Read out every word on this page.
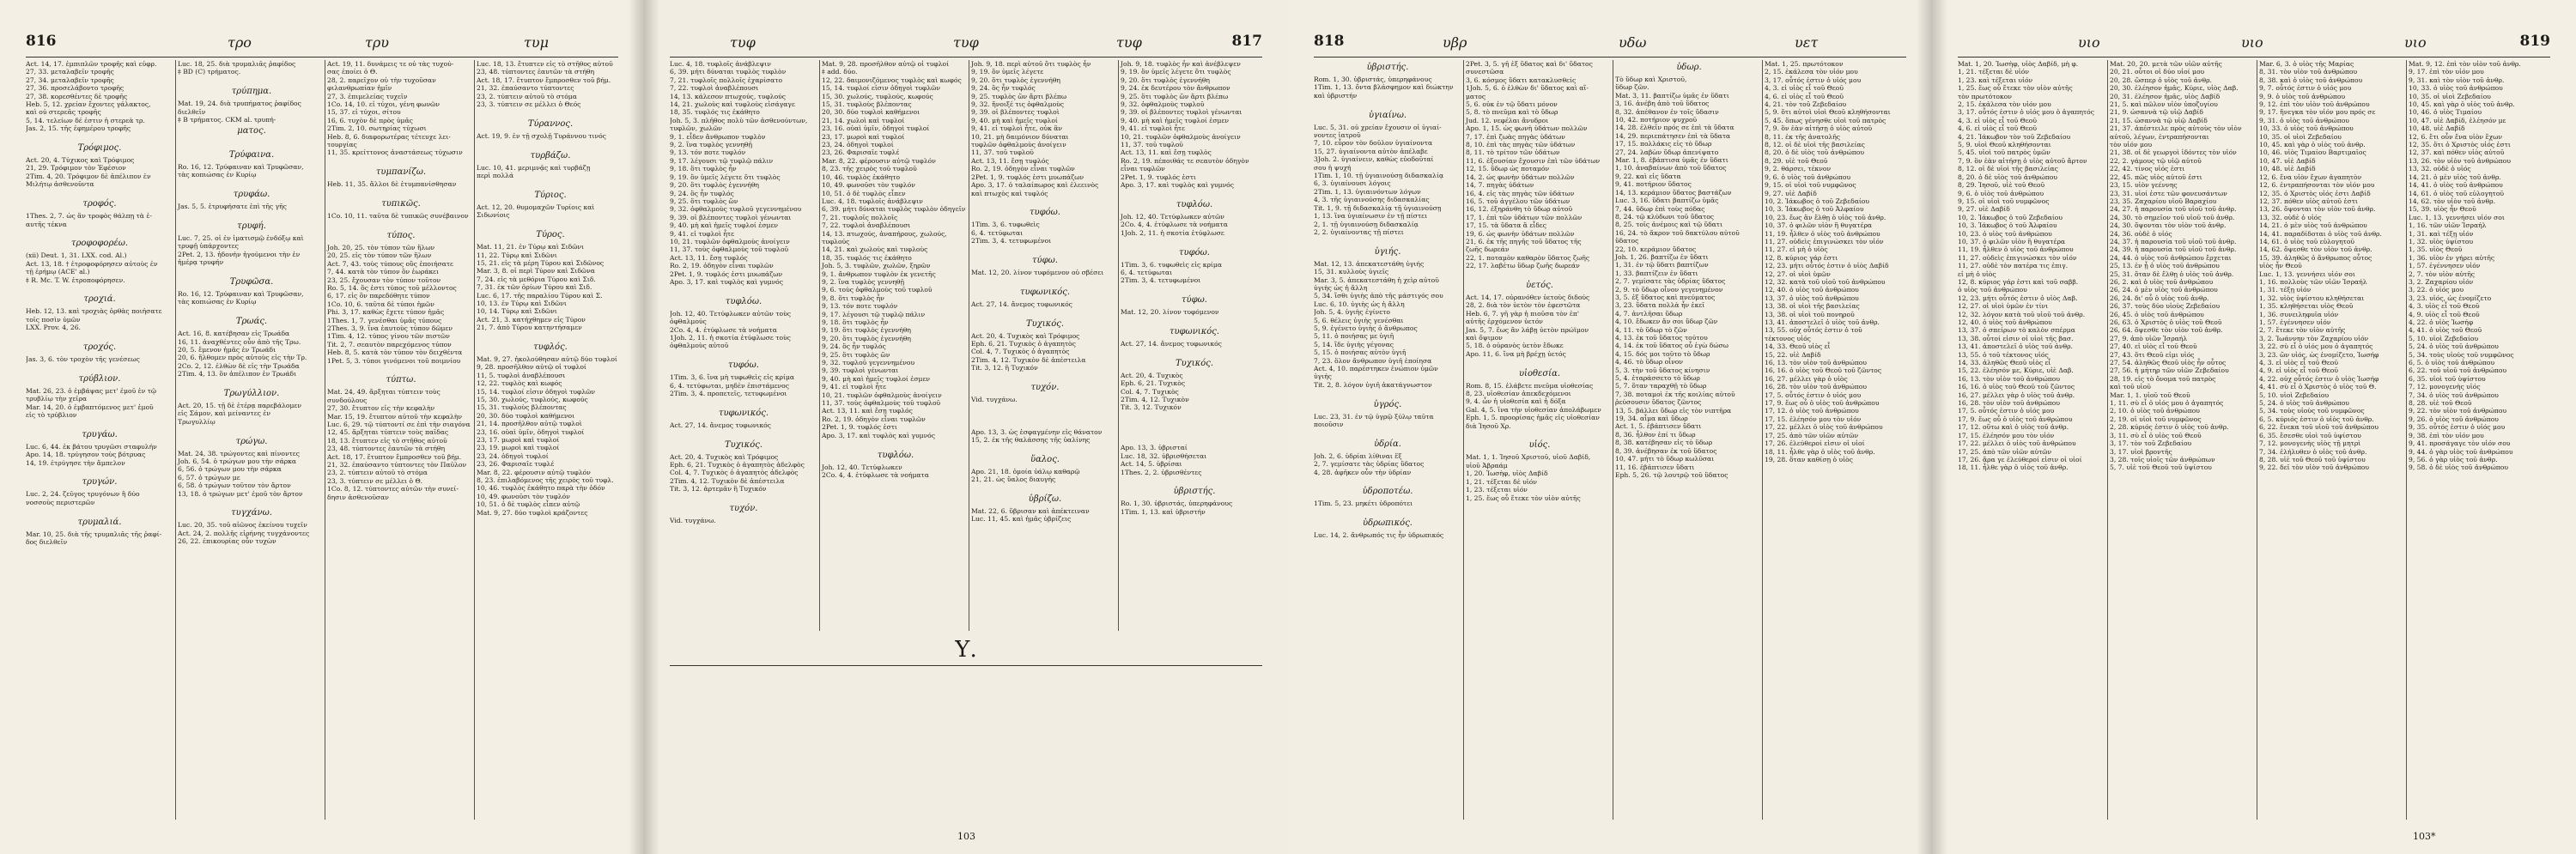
816	τρο	τρυ	τυμ
Act. 14, 17. ἐμπιπλῶν τροφῆς καὶ εὐφρ.
27, 33. μεταλαβεῖν τροφῆς
27, 34. μεταλαβεῖν τροφῆς
27, 36. προσελάβοντο τροφῆς
27, 38. κορεσθέντες δὲ τροφῆς
Heb. 5, 12. χρείαν ἔχοντες γάλακτος,
καὶ οὐ στερεᾶς τροφῆς
5, 14. τελείων δέ ἐστιν ἡ στερεὰ τρ.
Jas. 2, 15. τῆς ἐφημέρου τροφῆς

Τρόφιμος.
Act. 20, 4. Τύχικος καὶ Τρόφιμος
21, 29. Τρόφιμον τὸν Ἐφέσιον
2Tim. 4, 20. Τρόφιμον δὲ ἀπέλιπον ἐν
Μιλήτῳ ἀσθενοῦντα

τροφός.
1Thes. 2, 7. ὡς ἂν τροφὸς θάλπῃ τὰ ἑ-
αυτῆς τέκνα

τροφοφορέω.
(xii) Deut. 1, 31. LXX. cod. Al.)
Act. 13, 18. † ἐτροφοφόρησεν αὐτοὺς ἐν
τῇ ἐρήμῳ (ACE' al.)
‡ R. Mc. T. W. ἐτροποφόρησεν.

τροχιά.
Heb. 12, 13. καὶ τροχιὰς ὀρθὰς ποιήσατε
τοῖς ποσὶν ὑμῶν
LXX. Prov. 4, 26.

τροχός.
Jas. 3, 6. τὸν τροχὸν τῆς γενέσεως

τρύβλιον.
Mat. 26, 23. ὁ ἐμβάψας μετ' ἐμοῦ ἐν τῷ
τρυβλίῳ τὴν χεῖρα
Mar. 14, 20. ὁ ἐμβαπτόμενος μετ' ἐμοῦ
εἰς τὸ τρύβλιον

τρυγάω.
Luc. 6, 44. ἐκ βάτου τρυγῶσι σταφυλήν
Apo. 14, 18. τρύγησον τοὺς βότρυας
14, 19. ἐτρύγησε τὴν ἄμπελον

τρυγών.
Luc. 2, 24. ζεῦγος τρυγόνων ἢ δύο
νοσσοὺς περιστερῶν

τρυμαλιά.
Mar. 10, 25. διὰ τῆς τρυμαλιᾶς τῆς ῥαφί-
δος διελθεῖν
Luc. 18, 25. διὰ τρυμαλιᾶς ῥαφίδος
‡ BD (C) τρήματος.

τρύπημα.
Mat. 19, 24. διὰ τρυπήματος ῥαφίδος
διελθεῖν
‡ B τρήματος. CKM al. τρυπή-
ματος.

Τρύφαινα.
Ro. 16, 12. Τρύφαιναν καὶ Τρυφῶσαν,
τὰς κοπιώσας ἐν Κυρίῳ

τρυφάω.
Jas. 5, 5. ἐτρυφήσατε ἐπὶ τῆς γῆς

τρυφή.
Luc. 7, 25. οἱ ἐν ἱματισμῷ ἐνδόξῳ καὶ
τρυφῇ ὑπάρχοντες
2Pet. 2, 13. ἡδονὴν ἡγούμενοι τὴν ἐν
ἡμέρᾳ τρυφήν

Τρυφῶσα.
Ro. 16, 12. Τρύφαιναν καὶ Τρυφῶσαν,
τὰς κοπιώσας ἐν Κυρίῳ

Τρωάς.
Act. 16, 8. κατέβησαν εἰς Τρωάδα
16, 11. ἀναχθέντες οὖν ἀπὸ τῆς Τρω.
20, 5. ἔμενον ἡμᾶς ἐν Τρωάδι
20, 6. ἤλθομεν πρὸς αὐτοὺς εἰς τὴν Τρ.
2Co. 2, 12. ἐλθὼν δὲ εἰς τὴν Τρωάδα
2Tim. 4, 13. ὃν ἀπέλιπον ἐν Τρωάδι

Τρωγύλλιον.
Act. 20, 15. τῇ δὲ ἑτέρᾳ παρεβάλομεν
εἰς Σάμον, καὶ μείναντες ἐν
Τρωγυλλίῳ

τρώγω.
Mat. 24, 38. τρώγοντες καὶ πίνοντες
Joh. 6, 54. ὁ τρώγων μου τὴν σάρκα
6, 56. ὁ τρώγων μου τὴν σάρκα
6, 57. ὁ τρώγων με
6, 58. ὁ τρώγων τοῦτον τὸν ἄρτον
13, 18. ὁ τρώγων μετ' ἐμοῦ τὸν ἄρτον

τυγχάνω.
Luc. 20, 35. τοῦ αἰῶνος ἐκείνου τυχεῖν
Act. 24, 2. πολλῆς εἰρήνης τυγχάνοντες
26, 22. ἐπικουρίας οὖν τυχὼν
Act. 19, 11. δυνάμεις τε οὐ τὰς τυχού-
σας ἐποίει ὁ Θ.
28, 2. παρεῖχον οὐ τὴν τυχοῦσαν
φιλανθρωπίαν ἡμῖν
27, 3. ἐπιμελείας τυχεῖν
1Co. 14, 10. εἰ τύχοι, γένη φωνῶν
15, 37. εἰ τύχοι, σίτου
16, 6. τυχὸν δὲ πρὸς ὑμᾶς
2Tim. 2, 10. σωτηρίας τύχωσι
Heb. 8, 6. διαφορωτέρας τέτευχε λει-
τουργίας
11, 35. κρείττονος ἀναστάσεως τύχωσιν

τυμπανίζω.
Heb. 11, 35. ἄλλοι δὲ ἐτυμπανίσθησαν

τυπικῶς.
1Co. 10, 11. ταῦτα δὲ τυπικῶς συνέβαινον

τύπος.
Joh. 20, 25. τὸν τύπον τῶν ἥλων
20, 25. εἰς τὸν τύπον τῶν ἥλων
Act. 7, 43. τοὺς τύπους οὓς ἐποιήσατε
7, 44. κατὰ τὸν τύπον ὃν ἑωράκει
23, 25. ἔχουσαν τὸν τύπον τοῦτον
Ro. 5, 14. ὅς ἐστι τύπος τοῦ μέλλοντος
6, 17. εἰς ὃν παρεδόθητε τύπον
1Co. 10, 6. ταῦτα δὲ τύποι ἡμῶν
Phi. 3, 17. καθὼς ἔχετε τύπον ἡμᾶς
1Thes. 1, 7. γενέσθαι ὑμᾶς τύπους
2Thes. 3, 9. ἵνα ἑαυτοὺς τύπον δῶμεν
1Tim. 4, 12. τύπος γίνου τῶν πιστῶν
Tit. 2, 7. σεαυτὸν παρεχόμενος τύπον
Heb. 8, 5. κατὰ τὸν τύπον τὸν δειχθέντα
1Pet. 5, 3. τύποι γινόμενοι τοῦ ποιμνίου

τύπτω.
Mat. 24, 49. ἄρξηται τύπτειν τοὺς
συνδούλους
27, 30. ἔτυπτον εἰς τὴν κεφαλὴν
Mar. 15, 19. ἔτυπτον αὐτοῦ τὴν κεφαλὴν
Luc. 6, 29. τῷ τύπτοντί σε ἐπὶ τὴν σιαγόνα
12, 45. ἄρξηται τύπτειν τοὺς παῖδας
18, 13. ἔτυπτεν εἰς τὸ στῆθος αὐτοῦ
23, 48. τύπτοντες ἑαυτῶν τὰ στήθη
Act. 18, 17. ἔτυπτον ἔμπροσθεν τοῦ βήμ.
21, 32. ἐπαύσαντο τύπτοντες τὸν Παῦλον
23, 2. τύπτειν αὐτοῦ τὸ στόμα
23, 3. τύπτειν σε μέλλει ὁ Θ.
1Co. 8, 12. τύπτοντες αὐτῶν τὴν συνεί-
δησιν ἀσθενοῦσαν
Luc. 18, 13. ἔτυπτεν εἰς τὸ στῆθος αὐτοῦ
23, 48. τύπτοντες ἑαυτῶν τὰ στήθη
Act. 18, 17. ἔτυπτον ἔμπροσθεν τοῦ βήμ.
21, 32. ἐπαύσαντο τύπτοντες
23, 2. τύπτειν αὐτοῦ τὸ στόμα
23, 3. τύπτειν σε μέλλει ὁ Θεός

Τύραννος.
Act. 19, 9. ἐν τῇ σχολῇ Τυράννου τινός

τυρβάζω.
Luc. 10, 41. μεριμνᾷς καὶ τυρβάζῃ
περὶ πολλά

Τύριος.
Act. 12, 20. θυμομαχῶν Τυρίοις καὶ
Σιδωνίοις

Τύρος.
Mat. 11, 21. ἐν Τύρῳ καὶ Σιδῶνι
11, 22. Τύρῳ καὶ Σιδῶνι
15, 21. εἰς τὰ μέρη Τύρου καὶ Σιδῶνος
Mar. 3, 8. οἱ περὶ Τύρον καὶ Σιδῶνα
7, 24. εἰς τὰ μεθόρια Τύρου καὶ Σιδ.
7, 31. ἐκ τῶν ὁρίων Τύρου καὶ Σιδ.
Luc. 6, 17. τῆς παραλίου Τύρου καὶ Σ.
10, 13. ἐν Τύρῳ καὶ Σιδῶνι
10, 14. Τύρῳ καὶ Σιδῶνι
Act. 21, 3. κατήχθημεν εἰς Τύρον
21, 7. ἀπὸ Τύρου κατηντήσαμεν

τυφλός.
Mat. 9, 27. ἠκολούθησαν αὐτῷ δύο τυφλοί
9, 28. προσῆλθον αὐτῷ οἱ τυφλοί
11, 5. τυφλοὶ ἀναβλέπουσι
12, 22. τυφλὸς καὶ κωφός
15, 14. τυφλοί εἰσιν ὁδηγοὶ τυφλῶν
15, 30. χωλούς, τυφλούς, κωφούς
15, 31. τυφλοὺς βλέποντας
20, 30. δύο τυφλοὶ καθήμενοι
21, 14. προσῆλθον αὐτῷ τυφλοὶ
23, 16. οὐαὶ ὑμῖν, ὁδηγοὶ τυφλοί
23, 17. μωροὶ καὶ τυφλοί
23, 19. μωροὶ καὶ τυφλοί
23, 24. ὁδηγοὶ τυφλοί
23, 26. Φαρισαῖε τυφλέ
Mar. 8, 22. φέρουσιν αὐτῷ τυφλόν
8, 23. ἐπιλαβόμενος τῆς χειρὸς τοῦ τυφλ.
10, 46. τυφλὸς ἐκάθητο παρὰ τὴν ὁδόν
10, 49. φωνοῦσι τὸν τυφλόν
10, 51. ὁ δὲ τυφλὸς εἶπεν αὐτῷ
Mat. 9, 27. δύο τυφλοὶ κράζοντες
τυφ	τυφ	τυφ	817
Luc. 4, 18. τυφλοῖς ἀνάβλεψιν
6, 39. μήτι δύναται τυφλὸς τυφλὸν
7, 21. τυφλοῖς πολλοῖς ἐχαρίσατο
7, 22. τυφλοὶ ἀναβλέπουσι
14, 13. κάλεσον πτωχούς, τυφλούς
14, 21. χωλοὺς καὶ τυφλοὺς εἰσάγαγε
18, 35. τυφλός τις ἐκάθητο
Joh. 5, 3. πλῆθος πολὺ τῶν ἀσθενούντων,
τυφλῶν, χωλῶν
9, 1. εἶδεν ἄνθρωπον τυφλὸν
9, 2. ἵνα τυφλὸς γεννηθῇ
9, 13. τόν ποτε τυφλόν
9, 17. λέγουσι τῷ τυφλῷ πάλιν
9, 18. ὅτι τυφλὸς ἦν
9, 19. ὃν ὑμεῖς λέγετε ὅτι τυφλὸς
9, 20. ὅτι τυφλὸς ἐγεννήθη
9, 24. ὃς ἦν τυφλός
9, 25. ὅτι τυφλὸς ὤν
9, 32. ὀφθαλμοὺς τυφλοῦ γεγεννημένου
9, 39. οἱ βλέποντες τυφλοὶ γένωνται
9, 40. μὴ καὶ ἡμεῖς τυφλοί ἐσμεν
9, 41. εἰ τυφλοὶ ἦτε
10, 21. τυφλῶν ὀφθαλμοὺς ἀνοίγειν
11, 37. τοὺς ὀφθαλμοὺς τοῦ τυφλοῦ
Act. 13, 11. ἔσῃ τυφλός
Ro. 2, 19. ὁδηγὸν εἶναι τυφλῶν
2Pet. 1, 9. τυφλός ἐστι μυωπάζων
Apo. 3, 17. καὶ τυφλὸς καὶ γυμνός

τυφλόω.
Joh. 12, 40. Τετύφλωκεν αὐτῶν τοὺς
ὀφθαλμούς
2Co. 4, 4. ἐτύφλωσε τὰ νοήματα
1Joh. 2, 11. ἡ σκοτία ἐτύφλωσε τοὺς
ὀφθαλμοὺς αὐτοῦ

τυφόω.
1Tim. 3, 6. ἵνα μὴ τυφωθεὶς εἰς κρίμα
6, 4. τετύφωται, μηδὲν ἐπιστάμενος
2Tim. 3, 4. προπετεῖς, τετυφωμένοι

τυφωνικός.
Act. 27, 14. ἄνεμος τυφωνικός

Τυχικός.
Act. 20, 4. Τυχικὸς καὶ Τρόφιμος
Eph. 6, 21. Τυχικὸς ὁ ἀγαπητὸς ἀδελφὸς
Col. 4, 7. Τυχικὸς ὁ ἀγαπητὸς ἀδελφὸς
2Tim. 4, 12. Τυχικὸν δὲ ἀπέστειλα
Tit. 3, 12. ἀρτεμᾶν ἢ Τυχικόν

τυχόν.
Vid. τυγχάνω.
Mat. 9, 28. προσῆλθον αὐτῷ οἱ τυφλοί
‡ add. δύο.
12, 22. δαιμονιζόμενος τυφλὸς καὶ κωφός
15, 14. τυφλοί εἰσιν ὁδηγοὶ τυφλῶν
15, 30. χωλούς, τυφλούς, κωφούς
15, 31. τυφλοὺς βλέποντας
20, 30. δύο τυφλοὶ καθήμενοι
21, 14. χωλοὶ καὶ τυφλοί
23, 16. οὐαὶ ὑμῖν, ὁδηγοὶ τυφλοί
23, 17. μωροὶ καὶ τυφλοί
23, 24. ὁδηγοὶ τυφλοί
23, 26. Φαρισαῖε τυφλέ
Mar. 8, 22. φέρουσιν αὐτῷ τυφλόν
8, 23. τῆς χειρὸς τοῦ τυφλοῦ
10, 46. τυφλὸς ἐκάθητο
10, 49. φωνοῦσι τὸν τυφλόν
10, 51. ὁ δὲ τυφλὸς εἶπεν
Luc. 4, 18. τυφλοῖς ἀνάβλεψιν
6, 39. μήτι δύναται τυφλὸς τυφλὸν ὁδηγεῖν
7, 21. τυφλοῖς πολλοῖς
7, 22. τυφλοὶ ἀναβλέπουσι
14, 13. πτωχούς, ἀναπήρους, χωλούς,
τυφλούς
14, 21. καὶ χωλοὺς καὶ τυφλοὺς
18, 35. τυφλός τις ἐκάθητο
Joh. 5, 3. τυφλῶν, χωλῶν, ξηρῶν
9, 1. ἄνθρωπον τυφλὸν ἐκ γενετῆς
9, 2. ἵνα τυφλὸς γεννηθῇ
9, 6. τοὺς ὀφθαλμοὺς τοῦ τυφλοῦ
9, 8. ὅτι τυφλὸς ἦν
9, 13. τόν ποτε τυφλόν
9, 17. λέγουσι τῷ τυφλῷ πάλιν
9, 18. ὅτι τυφλὸς ἦν
9, 19. ὅτι τυφλὸς ἐγεννήθη
9, 20. ὅτι τυφλὸς ἐγεννήθη
9, 24. ὃς ἦν τυφλός
9, 25. ὅτι τυφλὸς ὤν
9, 32. τυφλοῦ γεγεννημένου
9, 39. τυφλοὶ γένωνται
9, 40. μὴ καὶ ἡμεῖς τυφλοί ἐσμεν
9, 41. εἰ τυφλοὶ ἦτε
10, 21. τυφλῶν ὀφθαλμοὺς ἀνοίγειν
11, 37. τοὺς ὀφθαλμοὺς τοῦ τυφλοῦ
Act. 13, 11. καὶ ἔσῃ τυφλός
Ro. 2, 19. ὁδηγὸν εἶναι τυφλῶν
2Pet. 1, 9. τυφλός ἐστι
Apo. 3, 17. καὶ τυφλὸς καὶ γυμνός

τυφλόω.
Joh. 12, 40. Τετύφλωκεν
2Co. 4, 4. ἐτύφλωσε τὰ νοήματα
Joh. 9, 18. περὶ αὐτοῦ ὅτι τυφλὸς ἦν
9, 19. ὃν ὑμεῖς λέγετε
9, 20. ὅτι τυφλὸς ἐγεννήθη
9, 24. ὃς ἦν τυφλός
9, 25. τυφλὸς ὤν ἄρτι βλέπω
9, 32. ἤνοιξέ τις ὀφθαλμοὺς
9, 39. οἱ βλέποντες τυφλοὶ
9, 40. μὴ καὶ ἡμεῖς τυφλοί
9, 41. εἰ τυφλοὶ ἦτε, οὐκ ἂν
10, 21. μὴ δαιμόνιον δύναται
τυφλῶν ὀφθαλμοὺς ἀνοίγειν
11, 37. τοῦ τυφλοῦ
Act. 13, 11. ἔσῃ τυφλός
Ro. 2, 19. ὁδηγὸν εἶναι τυφλῶν
2Pet. 1, 9. τυφλός ἐστι μυωπάζων
Apo. 3, 17. ὁ ταλαίπωρος καὶ ἐλεεινὸς
καὶ πτωχὸς καὶ τυφλός

τυφόω.
1Tim. 3, 6. τυφωθεὶς
6, 4. τετύφωται
2Tim. 3, 4. τετυφωμένοι

τύφω.
Mat. 12, 20. λίνον τυφόμενον οὐ σβέσει

τυφωνικός.
Act. 27, 14. ἄνεμος τυφωνικός

Τυχικός.
Act. 20, 4. Τυχικὸς καὶ Τρόφιμος
Eph. 6, 21. Τυχικὸς ὁ ἀγαπητὸς
Col. 4, 7. Τυχικὸς ὁ ἀγαπητὸς
2Tim. 4, 12. Τυχικὸν δὲ ἀπέστειλα
Tit. 3, 12. ἢ Τυχικόν

τυχόν.
Vid. τυγχάνω.

Apo. 13, 3. ὡς ἐσφαγμένην εἰς θάνατον
15, 2. ἐκ τῆς θαλάσσης τῆς ὑαλίνης

ὕαλος.
Apo. 21, 18. ὁμοία ὑάλῳ καθαρῷ
21, 21. ὡς ὕαλος διαυγής

ὑβρίζω.
Mat. 22, 6. ὕβρισαν καὶ ἀπέκτειναν
Luc. 11, 45. καὶ ἡμᾶς ὑβρίζεις
Joh. 9, 18. τυφλὸς ἦν καὶ ἀνέβλεψεν
9, 19. ὃν ὑμεῖς λέγετε ὅτι τυφλὸς
9, 20. ὅτι τυφλὸς ἐγεννήθη
9, 24. ἐκ δευτέρου τὸν ἄνθρωπον
9, 25. ὅτι τυφλὸς ὤν ἄρτι βλέπω
9, 32. ὀφθαλμοὺς τυφλοῦ
9, 39. οἱ βλέποντες τυφλοὶ γένωνται
9, 40. μὴ καὶ ἡμεῖς τυφλοί ἐσμεν
9, 41. εἰ τυφλοὶ ἦτε
10, 21. τυφλῶν ὀφθαλμοὺς ἀνοίγειν
11, 37. τοῦ τυφλοῦ
Act. 13, 11. καὶ ἔσῃ τυφλὸς
Ro. 2, 19. πέποιθάς τε σεαυτὸν ὁδηγὸν
εἶναι τυφλῶν
2Pet. 1, 9. τυφλός ἐστι
Apo. 3, 17. καὶ τυφλὸς καὶ γυμνός

τυφλόω.
Joh. 12, 40. Τετύφλωκεν αὐτῶν
2Co. 4, 4. ἐτύφλωσε τὰ νοήματα
1Joh. 2, 11. ἡ σκοτία ἐτύφλωσε

τυφόω.
1Tim. 3, 6. τυφωθεὶς εἰς κρίμα
6, 4. τετύφωται
2Tim. 3, 4. τετυφωμένοι

τύφω.
Mat. 12, 20. λίνον τυφόμενον

τυφωνικός.
Act. 27, 14. ἄνεμος τυφωνικός

Τυχικός.
Act. 20, 4. Τυχικὸς
Eph. 6, 21. Τυχικὸς
Col. 4, 7. Τυχικὸς
2Tim. 4, 12. Τυχικὸν
Tit. 3, 12. Τυχικόν

Apo. 13, 3. ὑβρισταί
Luc. 18, 32. ὑβρισθήσεται
Act. 14, 5. ὑβρίσαι
1Thes. 2, 2. ὑβρισθέντες

ὑβριστής.
Ro. 1, 30. ὑβριστάς, ὑπερηφάνους
1Tim. 1, 13. καὶ ὑβριστήν
Υ.
103
818	υβρ	υδω	υετ
ὑβριστής.
Rom. 1, 30. ὑβριστάς, ὑπερηφάνους
1Tim. 1, 13. ὄντα βλάσφημον καὶ διώκτην
καὶ ὑβριστήν

ὑγιαίνω.
Luc. 5, 31. οὐ χρείαν ἔχουσιν οἱ ὑγιαί-
νοντες ἰατροῦ
7, 10. εὗρον τὸν δοῦλον ὑγιαίνοντα
15, 27. ὑγιαίνοντα αὐτὸν ἀπέλαβε
3Joh. 2. ὑγιαίνειν, καθὼς εὐοδοῦταί
σου ἡ ψυχή
1Tim. 1, 10. τῇ ὑγιαινούσῃ διδασκαλίᾳ
6, 3. ὑγιαίνουσι λόγοις
2Tim. 1, 13. ὑγιαινόντων λόγων
4, 3. τῆς ὑγιαινούσης διδασκαλίας
Tit. 1, 9. τῇ διδασκαλίᾳ τῇ ὑγιαινούσῃ
1, 13. ἵνα ὑγιαίνωσιν ἐν τῇ πίστει
2, 1. τῇ ὑγιαινούσῃ διδασκαλίᾳ
2, 2. ὑγιαίνοντας τῇ πίστει

ὑγιής.
Mat. 12, 13. ἀπεκατεστάθη ὑγιής
15, 31. κυλλοὺς ὑγιεῖς
Mar. 3, 5. ἀπεκατεστάθη ἡ χεὶρ αὐτοῦ
ὑγιὴς ὡς ἡ ἄλλη
5, 34. ἴσθι ὑγιὴς ἀπὸ τῆς μάστιγός σου
Luc. 6, 10. ὑγιὴς ὡς ἡ ἄλλη
Joh. 5, 4. ὑγιὴς ἐγίνετο
5, 6. θέλεις ὑγιὴς γενέσθαι
5, 9. ἐγένετο ὑγιὴς ὁ ἄνθρωπος
5, 11. ὁ ποιήσας με ὑγιῆ
5, 14. ἴδε ὑγιὴς γέγονας
5, 15. ὁ ποιήσας αὐτὸν ὑγιῆ
7, 23. ὅλον ἄνθρωπον ὑγιῆ ἐποίησα
Act. 4, 10. παρέστηκεν ἐνώπιον ὑμῶν
ὑγιής
Tit. 2, 8. λόγον ὑγιῆ ἀκατάγνωστον

ὑγρός.
Luc. 23, 31. ἐν τῷ ὑγρῷ ξύλῳ ταῦτα
ποιοῦσιν

ὑδρία.
Joh. 2, 6. ὑδρίαι λίθιναι ἕξ
2, 7. γεμίσατε τὰς ὑδρίας ὕδατος
4, 28. ἀφῆκεν οὖν τὴν ὑδρίαν

ὑδροποτέω.
1Tim. 5, 23. μηκέτι ὑδροπότει

ὑδρωπικός.
Luc. 14, 2. ἄνθρωπός τις ἦν ὑδρωπικός
2Pet. 3, 5. γῆ ἐξ ὕδατος καὶ δι' ὕδατος
συνεστῶσα
3, 6. κόσμος ὕδατι κατακλυσθείς
1Joh. 5, 6. ὁ ἐλθὼν δι' ὕδατος καὶ αἵ-
ματος
5, 6. οὐκ ἐν τῷ ὕδατι μόνον
5, 8. τὸ πνεῦμα καὶ τὸ ὕδωρ
Jud. 12. νεφέλαι ἄνυδροι
Apo. 1, 15. ὡς φωνὴ ὑδάτων πολλῶν
7, 17. ἐπὶ ζωὰς πηγὰς ὑδάτων
8, 10. ἐπὶ τὰς πηγὰς τῶν ὑδάτων
8, 11. τὸ τρίτον τῶν ὑδάτων
11, 6. ἐξουσίαν ἔχουσιν ἐπὶ τῶν ὑδάτων
12, 15. ὕδωρ ὡς ποταμόν
14, 2. ὡς φωνὴν ὑδάτων πολλῶν
14, 7. πηγὰς ὑδάτων
16, 4. εἰς τὰς πηγὰς τῶν ὑδάτων
16, 5. τοῦ ἀγγέλου τῶν ὑδάτων
16, 12. ἐξηράνθη τὸ ὕδωρ αὐτοῦ
17, 1. ἐπὶ τῶν ὑδάτων τῶν πολλῶν
17, 15. τὰ ὕδατα ἃ εἶδες
19, 6. ὡς φωνὴν ὑδάτων πολλῶν
21, 6. ἐκ τῆς πηγῆς τοῦ ὕδατος τῆς
ζωῆς δωρεάν
22, 1. ποταμὸν καθαρὸν ὕδατος ζωῆς
22, 17. λαβέτω ὕδωρ ζωῆς δωρεάν

ὑετός.
Act. 14, 17. οὐρανόθεν ὑετοὺς διδούς
28, 2. διὰ τὸν ὑετὸν τὸν ἐφεστῶτα
Heb. 6, 7. γῆ γὰρ ἡ πιοῦσα τὸν ἐπ'
αὐτῆς ἐρχόμενον ὑετόν
Jas. 5, 7. ἕως ἂν λάβῃ ὑετὸν πρώϊμον
καὶ ὄψιμον
5, 18. ὁ οὐρανὸς ὑετὸν ἔδωκε
Apo. 11, 6. ἵνα μὴ βρέχῃ ὑετός

υἱοθεσία.
Rom. 8, 15. ἐλάβετε πνεῦμα υἱοθεσίας
8, 23. υἱοθεσίαν ἀπεκδεχόμενοι
9, 4. ὧν ἡ υἱοθεσία καὶ ἡ δόξα
Gal. 4, 5. ἵνα τὴν υἱοθεσίαν ἀπολάβωμεν
Eph. 1, 5. προορίσας ἡμᾶς εἰς υἱοθεσίαν
διὰ Ἰησοῦ Χρ.

υἱός.
Mat. 1, 1. Ἰησοῦ Χριστοῦ, υἱοῦ Δαβίδ,
υἱοῦ Ἀβραάμ
1, 20. Ἰωσὴφ, υἱὸς Δαβίδ
1, 21. τέξεται δὲ υἱόν
1, 23. τέξεται υἱόν
1, 25. ἕως οὗ ἔτεκε τὸν υἱὸν αὐτῆς
ὑδωρ.
Τὸ ὕδωρ καὶ Χριστοῦ,
ὕδωρ ζῶν.
Mat. 3, 11. βαπτίζω ὑμᾶς ἐν ὕδατι
3, 16. ἀνέβη ἀπὸ τοῦ ὕδατος
8, 32. ἀπέθανον ἐν τοῖς ὕδασιν
10, 42. ποτήριον ψυχροῦ
14, 28. ἐλθεῖν πρός σε ἐπὶ τὰ ὕδατα
14, 29. περιεπάτησεν ἐπὶ τὰ ὕδατα
17, 15. πολλάκις εἰς τὸ ὕδωρ
27, 24. λαβὼν ὕδωρ ἀπενίψατο
Mar. 1, 8. ἐβάπτισα ὑμᾶς ἐν ὕδατι
1, 10. ἀναβαίνων ἀπὸ τοῦ ὕδατος
9, 22. καὶ εἰς ὕδατα
9, 41. ποτήριον ὕδατος
14, 13. κεράμιον ὕδατος βαστάζων
Luc. 3, 16. ὕδατι βαπτίζω ὑμᾶς
7, 44. ὕδωρ ἐπὶ τοὺς πόδας
8, 24. τῷ κλύδωνι τοῦ ὕδατος
8, 25. τοῖς ἀνέμοις καὶ τῷ ὕδατι
16, 24. τὸ ἄκρον τοῦ δακτύλου αὐτοῦ
ὕδατος
22, 10. κεράμιον ὕδατος
Joh. 1, 26. βαπτίζω ἐν ὕδατι
1, 31. ἐν τῷ ὕδατι βαπτίζων
1, 33. βαπτίζειν ἐν ὕδατι
2, 7. γεμίσατε τὰς ὑδρίας ὕδατος
2, 9. τὸ ὕδωρ οἶνον γεγενημένον
3, 5. ἐξ ὕδατος καὶ πνεύματος
3, 23. ὕδατα πολλὰ ἦν ἐκεῖ
4, 7. ἀντλῆσαι ὕδωρ
4, 10. ἔδωκεν ἄν σοι ὕδωρ ζῶν
4, 11. τὸ ὕδωρ τὸ ζῶν
4, 13. ἐκ τοῦ ὕδατος τούτου
4, 14. ἐκ τοῦ ὕδατος οὗ ἐγὼ δώσω
4, 15. δός μοι τοῦτο τὸ ὕδωρ
4, 46. τὸ ὕδωρ οἶνον
5, 3. τὴν τοῦ ὕδατος κίνησιν
5, 4. ἐταράσσετο τὸ ὕδωρ
5, 7. ὅταν ταραχθῇ τὸ ὕδωρ
7, 38. ποταμοὶ ἐκ τῆς κοιλίας αὐτοῦ
ῥεύσουσιν ὕδατος ζῶντος
13, 5. βάλλει ὕδωρ εἰς τὸν νιπτῆρα
19, 34. αἷμα καὶ ὕδωρ
Act. 1, 5. ἐβάπτισεν ὕδατι
8, 36. ἦλθον ἐπί τι ὕδωρ
8, 38. κατέβησαν εἰς τὸ ὕδωρ
8, 39. ἀνέβησαν ἐκ τοῦ ὕδατος
10, 47. μήτι τὸ ὕδωρ κωλῦσαι
11, 16. ἐβάπτισεν ὕδατι
Eph. 5, 26. τῷ λουτρῷ τοῦ ὕδατος
Mat. 1, 25. πρωτότοκον
2, 15. ἐκάλεσα τὸν υἱόν μου
3, 17. οὗτός ἐστιν ὁ υἱός μου
4, 3. εἰ υἱὸς εἶ τοῦ Θεοῦ
4, 6. εἰ υἱὸς εἶ τοῦ Θεοῦ
4, 21. τὸν τοῦ Ζεβεδαίου
5, 9. ὅτι αὐτοὶ υἱοὶ Θεοῦ κληθήσονται
5, 45. ὅπως γένησθε υἱοὶ τοῦ πατρὸς
7, 9. ὃν ἐὰν αἰτήσῃ ὁ υἱὸς αὐτοῦ
8, 11. ἐκ τῆς ἀνατολῆς
8, 12. οἱ δὲ υἱοὶ τῆς βασιλείας
8, 20. ὁ δὲ υἱὸς τοῦ ἀνθρώπου
8, 29. υἱὲ τοῦ Θεοῦ
9, 2. θάρσει, τέκνον
9, 6. ὁ υἱὸς τοῦ ἀνθρώπου
9, 15. οἱ υἱοὶ τοῦ νυμφῶνος
9, 27. υἱὲ Δαβίδ
10, 2. Ἰάκωβος ὁ τοῦ Ζεβεδαίου
10, 3. Ἰάκωβος ὁ τοῦ Ἀλφαίου
10, 23. ἕως ἂν ἔλθῃ ὁ υἱὸς τοῦ ἀνθρ.
10, 37. ὁ φιλῶν υἱὸν ἢ θυγατέρα
11, 19. ἦλθεν ὁ υἱὸς τοῦ ἀνθρώπου
11, 27. οὐδεὶς ἐπιγινώσκει τὸν υἱόν
11, 27. εἰ μὴ ὁ υἱὸς
12, 8. κύριος γάρ ἐστι
12, 23. μήτι οὗτός ἐστιν ὁ υἱὸς Δαβίδ
12, 27. οἱ υἱοὶ ὑμῶν
12, 32. κατὰ τοῦ υἱοῦ τοῦ ἀνθρώπου
12, 40. ὁ υἱὸς τοῦ ἀνθρώπου
13, 37. ὁ υἱὸς τοῦ ἀνθρώπου
13, 38. οἱ υἱοὶ τῆς βασιλείας
13, 38. οἱ υἱοὶ τοῦ πονηροῦ
13, 41. ἀποστελεῖ ὁ υἱὸς τοῦ ἀνθρ.
13, 55. οὐχ οὗτός ἐστιν ὁ τοῦ
τέκτονος υἱός
14, 33. Θεοῦ υἱὸς εἶ
15, 22. υἱὲ Δαβίδ
16, 13. τὸν υἱὸν τοῦ ἀνθρώπου
16, 16. ὁ υἱὸς τοῦ Θεοῦ τοῦ ζῶντος
16, 27. μέλλει γὰρ ὁ υἱὸς
16, 28. τὸν υἱὸν τοῦ ἀνθρώπου
17, 5. οὗτός ἐστιν ὁ υἱός μου
17, 9. ἕως οὗ ὁ υἱὸς τοῦ ἀνθρώπου
17, 12. ὁ υἱὸς τοῦ ἀνθρώπου
17, 15. ἐλέησόν μου τὸν υἱόν
17, 22. μέλλει ὁ υἱὸς τοῦ ἀνθρώπου
17, 25. ἀπὸ τῶν υἱῶν αὐτῶν
17, 26. ἐλεύθεροί εἰσιν οἱ υἱοί
18, 11. ἦλθε γὰρ ὁ υἱὸς τοῦ ἀνθρ.
19, 28. ὅταν καθίσῃ ὁ υἱὸς
υιο	υιο	υιο	819
Mat. 1, 20. Ἰωσὴφ, υἱὸς Δαβίδ, μὴ φ.
1, 21. τέξεται δὲ υἱόν
1, 23. καὶ τέξεται υἱόν
1, 25. ἕως οὗ ἔτεκε τὸν υἱὸν αὐτῆς
τὸν πρωτότοκον
2, 15. ἐκάλεσα τὸν υἱόν μου
3, 17. οὗτός ἐστιν ὁ υἱός μου ὁ ἀγαπητός
4, 3. εἰ υἱὸς εἶ τοῦ Θεοῦ
4, 6. εἰ υἱὸς εἶ τοῦ Θεοῦ
4, 21. Ἰάκωβον τὸν τοῦ Ζεβεδαίου
5, 9. υἱοὶ Θεοῦ κληθήσονται
5, 45. υἱοὶ τοῦ πατρὸς ὑμῶν
7, 9. ὃν ἐὰν αἰτήσῃ ὁ υἱὸς αὐτοῦ ἄρτον
8, 12. οἱ δὲ υἱοὶ τῆς βασιλείας
8, 20. ὁ δὲ υἱὸς τοῦ ἀνθρώπου
8, 29. Ἰησοῦ, υἱὲ τοῦ Θεοῦ
9, 6. ὁ υἱὸς τοῦ ἀνθρώπου
9, 15. οἱ υἱοὶ τοῦ νυμφῶνος
9, 27. υἱὲ Δαβίδ
10, 2. Ἰάκωβος ὁ τοῦ Ζεβεδαίου
10, 3. Ἰάκωβος ὁ τοῦ Ἀλφαίου
10, 23. ὁ υἱὸς τοῦ ἀνθρώπου
10, 37. ὁ φιλῶν υἱὸν ἢ θυγατέρα
11, 19. ἦλθεν ὁ υἱὸς τοῦ ἀνθρώπου
11, 27. οὐδεὶς ἐπιγινώσκει τὸν υἱόν
11, 27. οὐδὲ τὸν πατέρα τις ἐπιγ.
εἰ μὴ ὁ υἱὸς
12, 8. κύριος γάρ ἐστι καὶ τοῦ σαββ.
ὁ υἱὸς τοῦ ἀνθρώπου
12, 23. μήτι οὗτός ἐστιν ὁ υἱὸς Δαβ.
12, 27. οἱ υἱοὶ ὑμῶν ἐν τίνι
12, 32. λόγον κατὰ τοῦ υἱοῦ τοῦ ἀνθρ.
12, 40. ὁ υἱὸς τοῦ ἀνθρώπου
13, 37. ὁ σπείρων τὸ καλὸν σπέρμα
13, 38. οὗτοί εἰσιν οἱ υἱοὶ τῆς βασ.
13, 41. ἀποστελεῖ ὁ υἱὸς τοῦ ἀνθρ.
13, 55. ὁ τοῦ τέκτονος υἱός
14, 33. ἀληθῶς Θεοῦ υἱὸς εἶ
15, 22. ἐλέησόν με, Κύριε, υἱὲ Δαβ.
16, 13. τὸν υἱὸν τοῦ ἀνθρώπου
16, 16. ὁ υἱὸς τοῦ Θεοῦ τοῦ ζῶντος
16, 27. μέλλει γὰρ ὁ υἱὸς τοῦ ἀνθρ.
16, 28. τὸν υἱὸν τοῦ ἀνθρώπου
17, 5. οὗτός ἐστιν ὁ υἱός μου
17, 9. ἕως οὗ ὁ υἱὸς τοῦ ἀνθρώπου
17, 12. οὕτω καὶ ὁ υἱὸς τοῦ ἀνθρ.
17, 15. ἐλέησόν μου τὸν υἱόν
17, 22. μέλλει ὁ υἱὸς τοῦ ἀνθρώπου
17, 25. ἀπὸ τῶν υἱῶν αὐτῶν
17, 26. ἄρα γε ἐλεύθεροί εἰσιν οἱ υἱοί
18, 11. ἦλθε γὰρ ὁ υἱὸς τοῦ ἀνθρ.
Mat. 20, 20. μετὰ τῶν υἱῶν αὐτῆς
20, 21. οὗτοι οἱ δύο υἱοί μου
20, 28. ὥσπερ ὁ υἱὸς τοῦ ἀνθρ.
20, 30. ἐλέησον ἡμᾶς, Κύριε, υἱὸς Δαβ.
20, 31. ἐλέησον ἡμᾶς, υἱὸς Δαβίδ
21, 5. καὶ πῶλον υἱὸν ὑποζυγίου
21, 9. ὡσαννὰ τῷ υἱῷ Δαβίδ
21, 15. ὡσαννὰ τῷ υἱῷ Δαβίδ
21, 37. ἀπέστειλε πρὸς αὐτοὺς τὸν υἱὸν
αὐτοῦ, λέγων, ἐντραπήσονται
τὸν υἱόν μου
21, 38. οἱ δὲ γεωργοὶ ἰδόντες τὸν υἱόν
22, 2. γάμους τῷ υἱῷ αὐτοῦ
22, 42. τίνος υἱός ἐστι
22, 45. πῶς υἱὸς αὐτοῦ ἐστι
23, 15. υἱὸν γεέννης
23, 31. υἱοί ἐστε τῶν φονευσάντων
23, 35. Ζαχαρίου υἱοῦ Βαραχίου
24, 27. ἡ παρουσία τοῦ υἱοῦ τοῦ ἀνθρ.
24, 30. τὸ σημεῖον τοῦ υἱοῦ τοῦ ἀνθρ.
24, 30. ὄψονται τὸν υἱὸν τοῦ ἀνθρ.
24, 36. οὐδὲ ὁ υἱός
24, 37. ἡ παρουσία τοῦ υἱοῦ τοῦ ἀνθρ.
24, 39. ἡ παρουσία τοῦ υἱοῦ τοῦ ἀνθρ.
24, 44. ὁ υἱὸς τοῦ ἀνθρώπου ἔρχεται
25, 13. ἐν ᾗ ὁ υἱὸς τοῦ ἀνθρώπου
25, 31. ὅταν δὲ ἔλθῃ ὁ υἱὸς τοῦ ἀνθρ.
26, 2. καὶ ὁ υἱὸς τοῦ ἀνθρώπου
26, 24. ὁ μὲν υἱὸς τοῦ ἀνθρώπου
26, 24. δι' οὗ ὁ υἱὸς τοῦ ἀνθρ.
26, 37. τοὺς δύο υἱοὺς Ζεβεδαίου
26, 45. ὁ υἱὸς τοῦ ἀνθρώπου
26, 63. ὁ Χριστὸς ὁ υἱὸς τοῦ Θεοῦ
26, 64. ὄψεσθε τὸν υἱὸν τοῦ ἀνθρ.
27, 9. ἀπὸ υἱῶν Ἰσραήλ
27, 40. εἰ υἱὸς εἶ τοῦ Θεοῦ
27, 43. ὅτι Θεοῦ εἰμι υἱός
27, 54. ἀληθῶς Θεοῦ υἱὸς ἦν οὗτος
27, 56. ἡ μήτηρ τῶν υἱῶν Ζεβεδαίου
28, 19. εἰς τὸ ὄνομα τοῦ πατρὸς
καὶ τοῦ υἱοῦ
Mar. 1, 1. υἱοῦ τοῦ Θεοῦ
1, 11. σὺ εἶ ὁ υἱός μου ὁ ἀγαπητός
2, 10. ὁ υἱὸς τοῦ ἀνθρώπου
2, 19. οἱ υἱοὶ τοῦ νυμφῶνος
2, 28. κύριός ἐστιν ὁ υἱὸς τοῦ ἀνθρ.
3, 11. σὺ εἶ ὁ υἱὸς τοῦ Θεοῦ
3, 17. τὸν τοῦ Ζεβεδαίου
3, 17. υἱοὶ βροντῆς
3, 28. τοῖς υἱοῖς τῶν ἀνθρώπων
5, 7. υἱὲ τοῦ Θεοῦ τοῦ ὑψίστου
Mar. 6, 3. ὁ υἱὸς τῆς Μαρίας
8, 31. τὸν υἱὸν τοῦ ἀνθρώπου
8, 38. καὶ ὁ υἱὸς τοῦ ἀνθρώπου
9, 7. οὗτός ἐστιν ὁ υἱός μου
9, 9. ὁ υἱὸς τοῦ ἀνθρώπου
9, 12. ἐπὶ τὸν υἱὸν τοῦ ἀνθρώπου
9, 17. ἤνεγκα τὸν υἱόν μου πρός σε
9, 31. ὁ υἱὸς τοῦ ἀνθρώπου
10, 33. ὁ υἱὸς τοῦ ἀνθρώπου
10, 35. οἱ υἱοὶ Ζεβεδαίου
10, 45. καὶ γὰρ ὁ υἱὸς τοῦ ἀνθρ.
10, 46. υἱὸς Τιμαίου Βαρτιμαῖος
10, 47. υἱὲ Δαβίδ
10, 48. υἱὲ Δαβίδ
12, 6. ἕνα υἱὸν ἔχων ἀγαπητὸν
12, 6. ἐντραπήσονται τὸν υἱόν μου
12, 35. ὁ Χριστὸς υἱός ἐστι Δαβίδ
12, 37. πόθεν υἱὸς αὐτοῦ ἐστι
13, 26. ὄψονται τὸν υἱὸν τοῦ ἀνθρ.
13, 32. οὐδὲ ὁ υἱός
14, 21. ὁ μὲν υἱὸς τοῦ ἀνθρώπου
14, 41. παραδίδοται ὁ υἱὸς τοῦ ἀνθρ.
14, 61. ὁ υἱὸς τοῦ εὐλογητοῦ
14, 62. ὄψεσθε τὸν υἱὸν τοῦ ἀνθρ.
15, 39. ἀληθῶς ὁ ἄνθρωπος οὗτος
υἱὸς ἦν Θεοῦ
Luc. 1, 13. γεννήσει υἱόν σοι
1, 16. πολλοὺς τῶν υἱῶν Ἰσραήλ
1, 31. τέξῃ υἱόν
1, 32. υἱὸς ὑψίστου κληθήσεται
1, 35. κληθήσεται υἱὸς Θεοῦ
1, 36. συνειληφυῖα υἱόν
1, 57. ἐγέννησεν υἱόν
2, 7. ἔτεκε τὸν υἱὸν αὐτῆς
3, 2. Ἰωάννην τὸν Ζαχαρίου υἱόν
3, 22. σὺ εἶ ὁ υἱός μου ὁ ἀγαπητός
3, 23. ὢν υἱός, ὡς ἐνομίζετο, Ἰωσήφ
4, 3. εἰ υἱὸς εἶ τοῦ Θεοῦ
4, 9. εἰ υἱὸς εἶ τοῦ Θεοῦ
4, 22. οὐχ οὗτός ἐστιν ὁ υἱὸς Ἰωσήφ
4, 41. σὺ εἶ ὁ Χριστὸς ὁ υἱὸς τοῦ Θ.
5, 10. υἱοὶ Ζεβεδαίου
5, 24. ὁ υἱὸς τοῦ ἀνθρώπου
5, 34. τοὺς υἱοὺς τοῦ νυμφῶνος
6, 5. κύριός ἐστιν ὁ υἱὸς τοῦ ἀνθρ.
6, 22. ἕνεκα τοῦ υἱοῦ τοῦ ἀνθρώπου
6, 35. ἔσεσθε υἱοὶ τοῦ ὑψίστου
7, 12. μονογενὴς υἱὸς τῇ μητρὶ
7, 34. ἐλήλυθεν ὁ υἱὸς τοῦ ἀνθρ.
8, 28. υἱὲ τοῦ Θεοῦ τοῦ ὑψίστου
9, 22. δεῖ τὸν υἱὸν τοῦ ἀνθρώπου
Mat. 9, 12. ἐπὶ τὸν υἱὸν τοῦ ἀνθρ.
9, 17. ἐπὶ τὸν υἱόν μου
9, 31. καὶ τὸν υἱὸν τοῦ ἀνθρ.
10, 33. ὁ υἱὸς τοῦ ἀνθρώπου
10, 35. οἱ υἱοὶ Ζεβεδαίου
10, 45. καὶ γὰρ ὁ υἱὸς τοῦ ἀνθρ.
10, 46. ὁ υἱὸς Τιμαίου
10, 47. υἱὲ Δαβίδ, ἐλέησόν με
10, 48. υἱὲ Δαβίδ
12, 6. ἔτι οὖν ἕνα υἱὸν ἔχων
12, 35. ὅτι ὁ Χριστὸς υἱός ἐστι
12, 37. καὶ πόθεν υἱὸς αὐτοῦ
13, 26. τὸν υἱὸν τοῦ ἀνθρώπου
13, 32. οὐδὲ ὁ υἱός
14, 21. ὁ μὲν υἱὸς τοῦ ἀνθρ.
14, 41. ὁ υἱὸς τοῦ ἀνθρώπου
14, 61. ὁ υἱὸς τοῦ εὐλογητοῦ
14, 62. τὸν υἱὸν τοῦ ἀνθρ.
15, 39. υἱὸς ἦν Θεοῦ
Luc. 1, 13. γεννήσει υἱόν σοι
1, 16. τῶν υἱῶν Ἰσραήλ
1, 31. καὶ τέξῃ υἱόν
1, 32. υἱὸς ὑψίστου
1, 35. υἱὸς Θεοῦ
1, 36. υἱὸν ἐν γήρει αὐτῆς
1, 57. ἐγέννησεν υἱόν
2, 7. τὸν υἱὸν αὐτῆς
3, 2. Ζαχαρίου υἱόν
3, 22. ὁ υἱός μου
3, 23. υἱός, ὡς ἐνομίζετο
4, 3. υἱὸς εἶ τοῦ Θεοῦ
4, 9. υἱὸς εἶ τοῦ Θεοῦ
4, 22. ὁ υἱὸς Ἰωσήφ
4, 41. ὁ υἱὸς τοῦ Θεοῦ
5, 10. υἱοὶ Ζεβεδαίου
5, 24. ὁ υἱὸς τοῦ ἀνθρώπου
5, 34. τοὺς υἱοὺς τοῦ νυμφῶνος
6, 5. ὁ υἱὸς τοῦ ἀνθρώπου
6, 22. τοῦ υἱοῦ τοῦ ἀνθρώπου
6, 35. υἱοὶ τοῦ ὑψίστου
7, 12. μονογενὴς υἱός
7, 34. ὁ υἱὸς τοῦ ἀνθρώπου
8, 28. υἱὲ τοῦ Θεοῦ
9, 22. τὸν υἱὸν τοῦ ἀνθρώπου
9, 26. ὁ υἱὸς τοῦ ἀνθρώπου
9, 35. οὗτός ἐστιν ὁ υἱός μου
9, 38. ἐπὶ τὸν υἱόν μου
9, 41. προσάγαγε τὸν υἱόν σου
9, 44. ὁ γὰρ υἱὸς τοῦ ἀνθρώπου
9, 56. ὁ γὰρ υἱὸς τοῦ ἀνθρ.
9, 58. ὁ δὲ υἱὸς τοῦ ἀνθρώπου
103*
